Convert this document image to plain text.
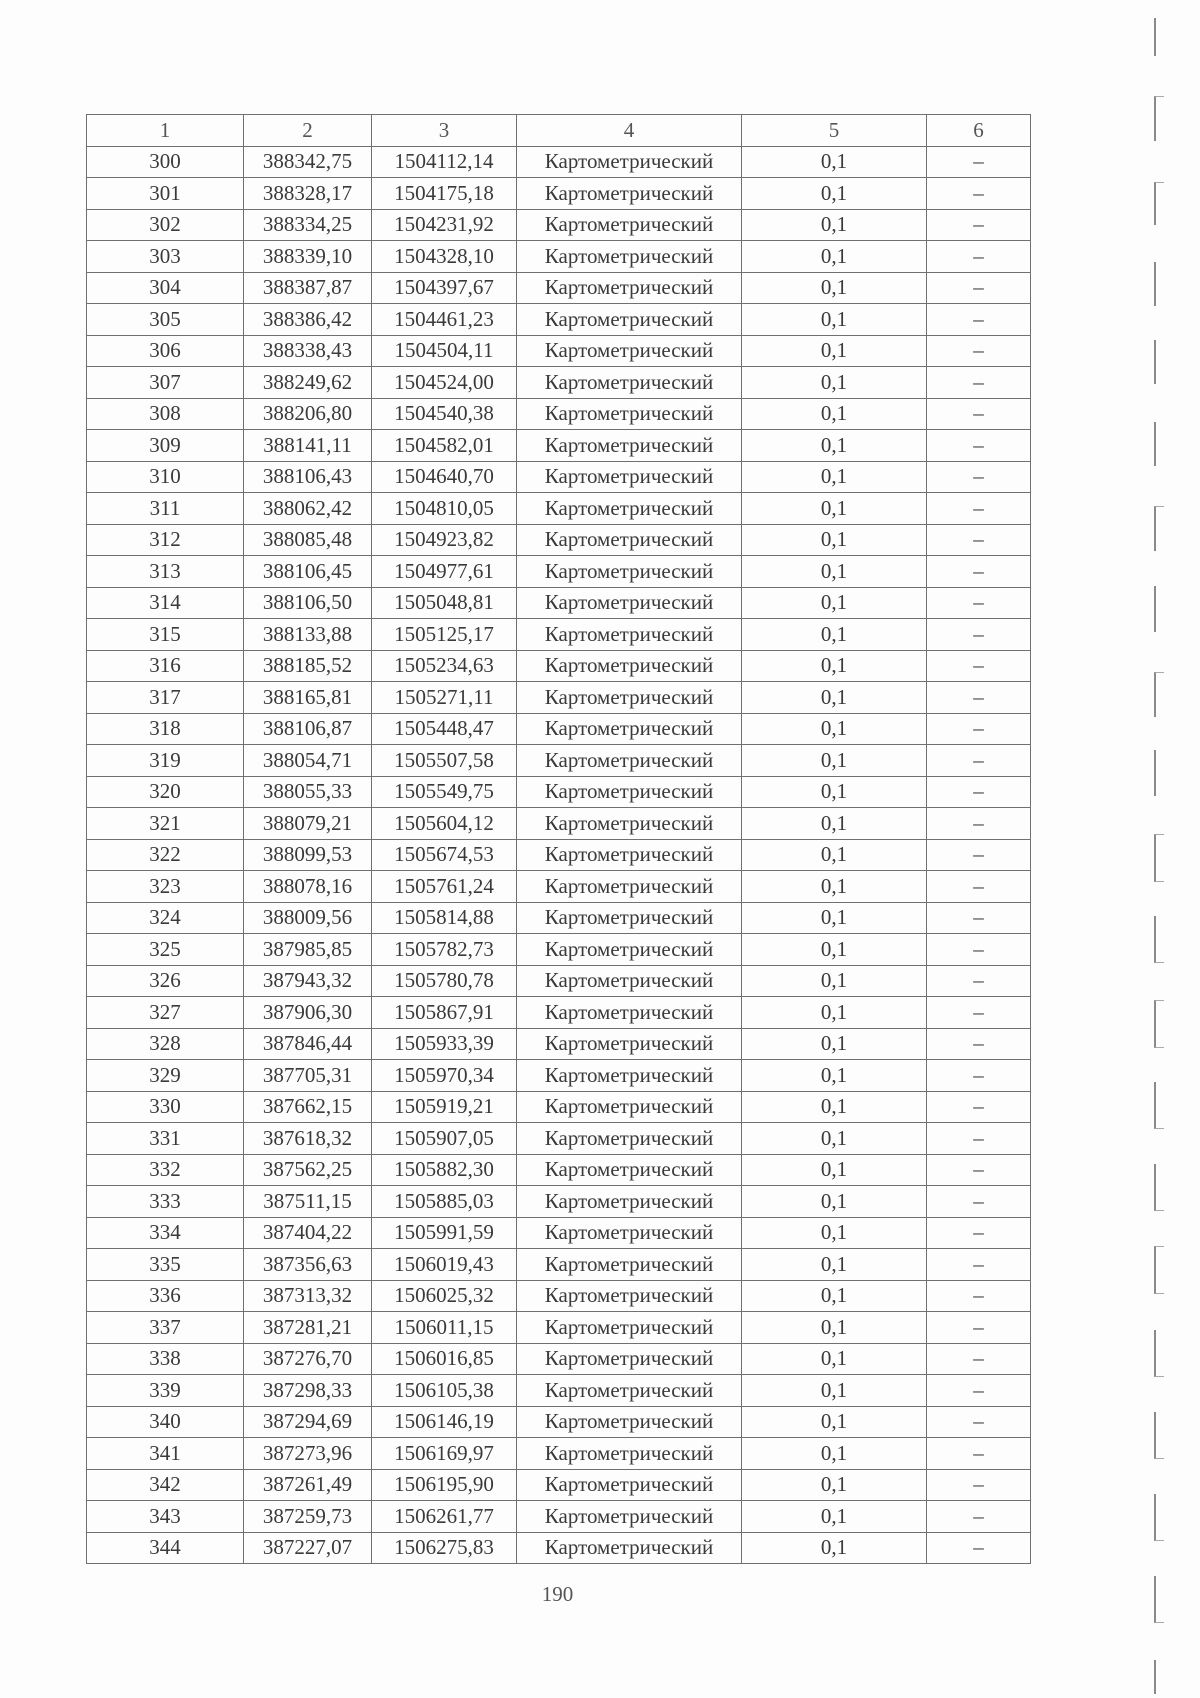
1	2	3	4	5	6
300	388342,75	1504112,14	Картометрический	0,1	–
301	388328,17	1504175,18	Картометрический	0,1	–
302	388334,25	1504231,92	Картометрический	0,1	–
303	388339,10	1504328,10	Картометрический	0,1	–
304	388387,87	1504397,67	Картометрический	0,1	–
305	388386,42	1504461,23	Картометрический	0,1	–
306	388338,43	1504504,11	Картометрический	0,1	–
307	388249,62	1504524,00	Картометрический	0,1	–
308	388206,80	1504540,38	Картометрический	0,1	–
309	388141,11	1504582,01	Картометрический	0,1	–
310	388106,43	1504640,70	Картометрический	0,1	–
311	388062,42	1504810,05	Картометрический	0,1	–
312	388085,48	1504923,82	Картометрический	0,1	–
313	388106,45	1504977,61	Картометрический	0,1	–
314	388106,50	1505048,81	Картометрический	0,1	–
315	388133,88	1505125,17	Картометрический	0,1	–
316	388185,52	1505234,63	Картометрический	0,1	–
317	388165,81	1505271,11	Картометрический	0,1	–
318	388106,87	1505448,47	Картометрический	0,1	–
319	388054,71	1505507,58	Картометрический	0,1	–
320	388055,33	1505549,75	Картометрический	0,1	–
321	388079,21	1505604,12	Картометрический	0,1	–
322	388099,53	1505674,53	Картометрический	0,1	–
323	388078,16	1505761,24	Картометрический	0,1	–
324	388009,56	1505814,88	Картометрический	0,1	–
325	387985,85	1505782,73	Картометрический	0,1	–
326	387943,32	1505780,78	Картометрический	0,1	–
327	387906,30	1505867,91	Картометрический	0,1	–
328	387846,44	1505933,39	Картометрический	0,1	–
329	387705,31	1505970,34	Картометрический	0,1	–
330	387662,15	1505919,21	Картометрический	0,1	–
331	387618,32	1505907,05	Картометрический	0,1	–
332	387562,25	1505882,30	Картометрический	0,1	–
333	387511,15	1505885,03	Картометрический	0,1	–
334	387404,22	1505991,59	Картометрический	0,1	–
335	387356,63	1506019,43	Картометрический	0,1	–
336	387313,32	1506025,32	Картометрический	0,1	–
337	387281,21	1506011,15	Картометрический	0,1	–
338	387276,70	1506016,85	Картометрический	0,1	–
339	387298,33	1506105,38	Картометрический	0,1	–
340	387294,69	1506146,19	Картометрический	0,1	–
341	387273,96	1506169,97	Картометрический	0,1	–
342	387261,49	1506195,90	Картометрический	0,1	–
343	387259,73	1506261,77	Картометрический	0,1	–
344	387227,07	1506275,83	Картометрический	0,1	–
190
